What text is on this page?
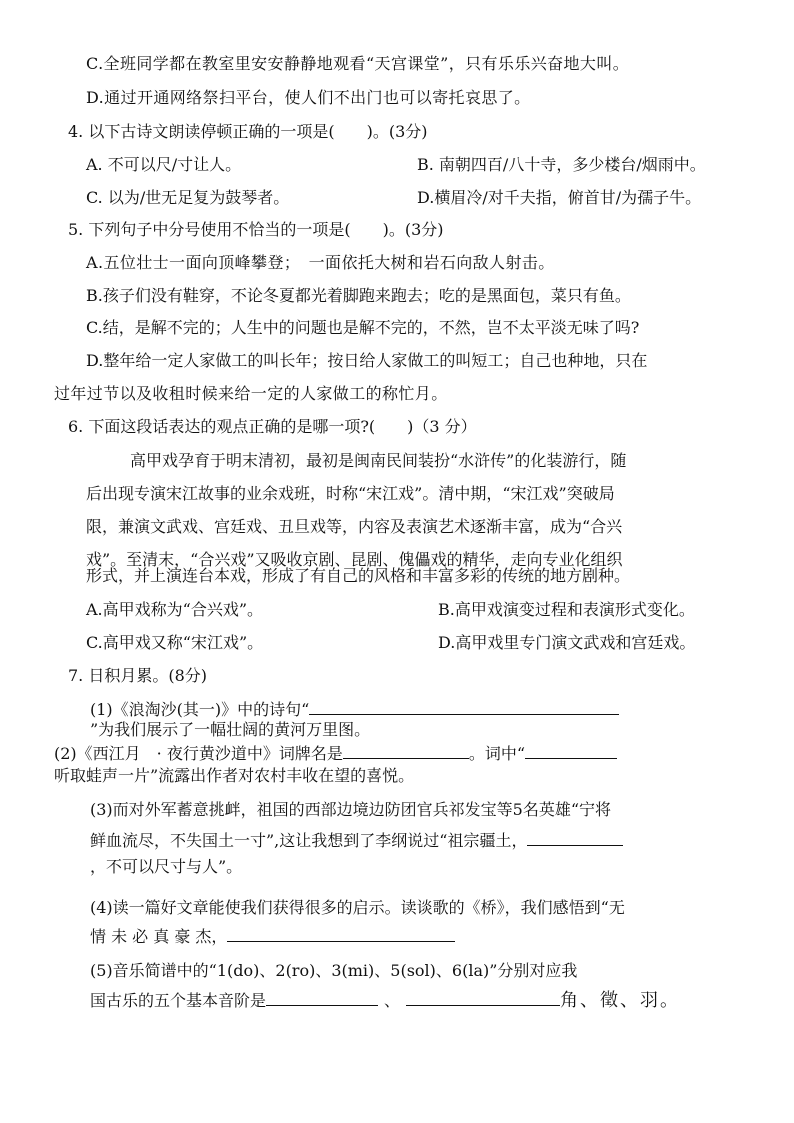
C.全班同学都在教室里安安静静地观看“天宫课堂”，只有乐乐兴奋地大叫。
D.通过开通网络祭扫平台，使人们不出门也可以寄托哀思了。
4. 以下古诗文朗读停顿正确的一项是(　　)。(3分)
A. 不可以尺/寸让人。	B. 南朝四百/八十寺，多少楼台/烟雨中。
C. 以为/世无足复为鼓琴者。	D.横眉冷/对千夫指，俯首甘/为孺子牛。
5. 下列句子中分号使用不恰当的一项是(　　)。(3分)
A.五位壮士一面向顶峰攀登；　一面依托大树和岩石向敌人射击。
B.孩子们没有鞋穿，不论冬夏都光着脚跑来跑去；吃的是黑面包，菜只有鱼。
C.结，是解不完的；人生中的问题也是解不完的，不然，岂不太平淡无味了吗?
D.整年给一定人家做工的叫长年；按日给人家做工的叫短工；自己也种地，只在
过年过节以及收租时候来给一定的人家做工的称忙月。
6. 下面这段话表达的观点正确的是哪一项?(　　)（3 分）
高甲戏孕育于明末清初，最初是闽南民间装扮“水浒传”的化装游行，随
后出现专演宋江故事的业余戏班，时称“宋江戏”。清中期，“宋江戏”突破局
限，兼演文武戏、宫廷戏、丑旦戏等，内容及表演艺术逐渐丰富，成为“合兴
戏”。至清末，“合兴戏”又吸收京剧、昆剧、傀儡戏的精华，走向专业化组织
形式，并上演连台本戏，形成了有自己的风格和丰富多彩的传统的地方剧种。
A.高甲戏称为“合兴戏”。	B.高甲戏演变过程和表演形式变化。
C.高甲戏又称“宋江戏”。	D.高甲戏里专门演文武戏和宫廷戏。
7. 日积月累。(8分)
(1)《浪淘沙(其一)》中的诗句“
”为我们展示了一幅壮阔的黄河万里图。
(2)《西江月　· 夜行黄沙道中》词牌名是	。词中“
听取蛙声一片”流露出作者对农村丰收在望的喜悦。
(3)而对外军蓄意挑衅，祖国的西部边境边防团官兵祁发宝等5名英雄“宁将
鲜血流尽，不失国土一寸”,这让我想到了李纲说过“祖宗疆土，
，不可以尺寸与人”。
(4)读一篇好文章能使我们获得很多的启示。读谈歌的《桥》，我们感悟到“无
情 未 必 真 豪 杰，
(5)音乐简谱中的“1(do)、2(ro)、3(mi)、5(sol)、6(la)”分别对应我
国古乐的五个基本音阶是	、	角、徵、羽。
